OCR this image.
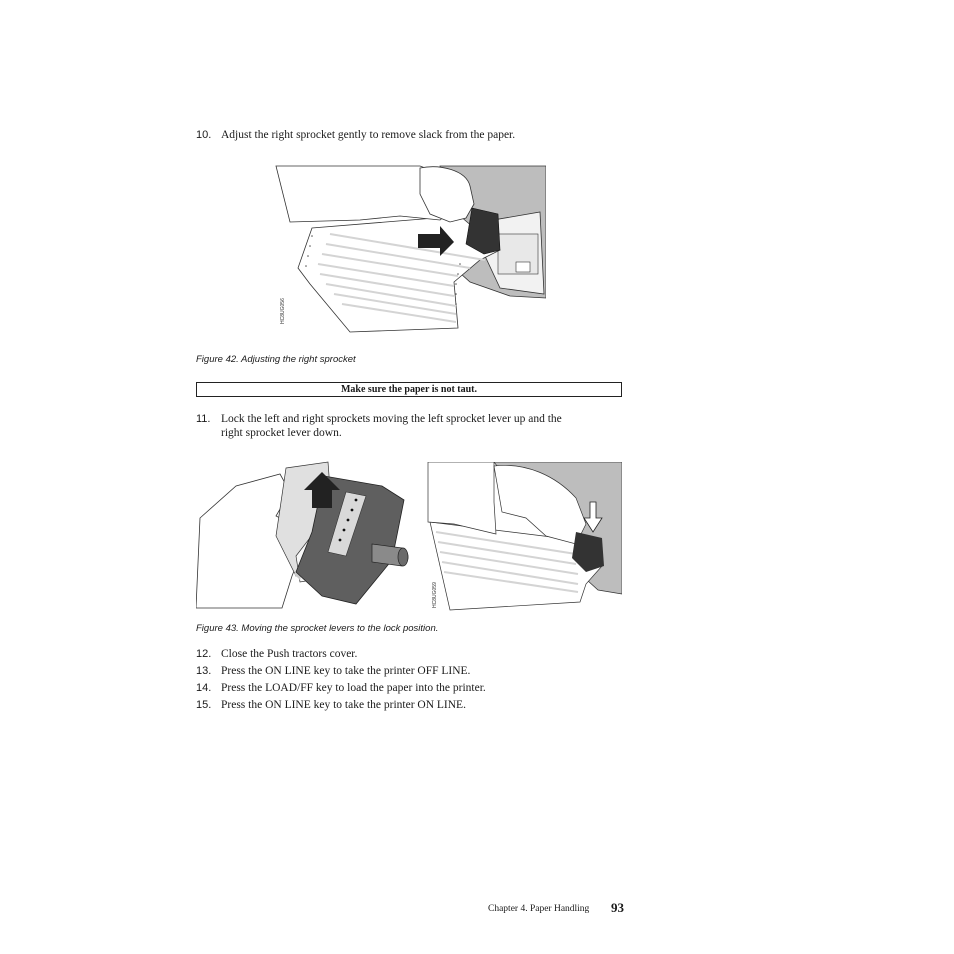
10. Adjust the right sprocket gently to remove slack from the paper.
HC8UG056
Figure 42. Adjusting the right sprocket
Make sure the paper is not taut.
11. Lock the left and right sprockets moving the left sprocket lever up and the
right sprocket lever down.
HC8UG059
Figure 43. Moving the sprocket levers to the lock position.
12. Close the Push tractors cover.
13. Press the ON LINE key to take the printer OFF LINE.
14. Press the LOAD/FF key to load the paper into the printer.
15. Press the ON LINE key to take the printer ON LINE.
Chapter 4. Paper Handling 93
